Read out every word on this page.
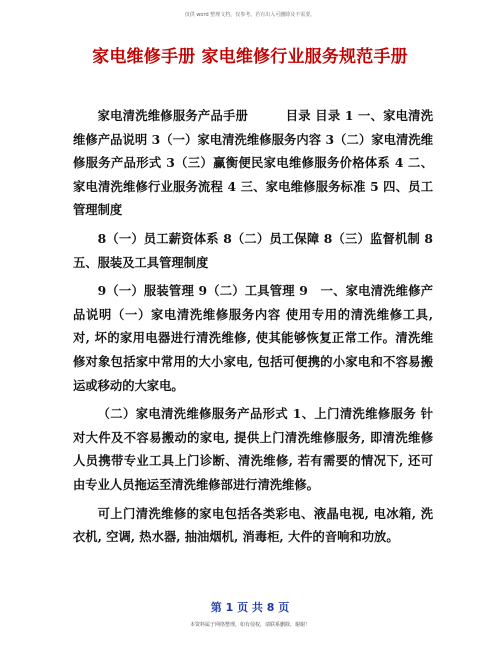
仅供 word 整理文档，仅参考。若有出入可删除及不需要。
家电维修手册 家电维修行业服务规范手册

家电清洗维修服务产品手册　　　目录 目录 1 一、家电清洗维修产品说明 3（一）家电清洗维修服务内容 3（二）家电清洗维修服务产品形式 3（三）赢衡便民家电维修服务价格体系 4 二、家电清洗维修行业服务流程 4 三、家电维修服务标准 5 四、员工管理制度

8（一）员工薪资体系 8（二）员工保障 8（三）监督机制 8 五、服装及工具管理制度

9（一）服装管理 9（二）工具管理 9　一、家电清洗维修产品说明（一）家电清洗维修服务内容 使用专用的清洗维修工具, 对, 坏的家用电器进行清洗维修, 使其能够恢复正常工作。清洗维修对象包括家中常用的大小家电, 包括可便携的小家电和不容易搬运或移动的大家电。

（二）家电清洗维修服务产品形式 1、上门清洗维修服务 针对大件及不容易搬动的家电, 提供上门清洗维修服务, 即清洗维修人员携带专业工具上门诊断、清洗维修, 若有需要的情况下, 还可由专业人员拖运至清洗维修部进行清洗维修。

可上门清洗维修的家电包括各类彩电、液晶电视, 电冰箱, 洗衣机, 空调, 热水器, 抽油烟机, 消毒柜, 大件的音响和功放。

第 1 页 共 8 页
本资料属于网络整理，如有侵权，请联系删除，谢谢！
